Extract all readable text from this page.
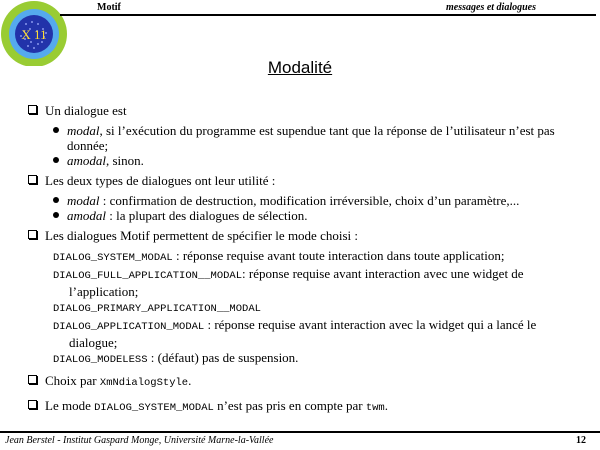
X 11
Motif	messages et dialogues
Modalité
Un dialogue est
modal, si l’exécution du programme est supendue tant que la réponse de l’utilisateur n’est pas donnée;
amodal, sinon.
Les deux types de dialogues ont leur utilité :
modal : confirmation de destruction, modification irréversible, choix d’un paramètre,...
amodal : la plupart des dialogues de sélection.
Les dialogues Motif permettent de spécifier le mode choisi :
DIALOG_SYSTEM_MODAL : réponse requise avant toute interaction dans toute application;
DIALOG_FULL_APPLICATION__MODAL: réponse requise avant interaction avec une widget de l’application;
DIALOG_PRIMARY_APPLICATION__MODAL
DIALOG_APPLICATION_MODAL : réponse requise avant interaction avec la widget qui a lancé le dialogue;
DIALOG_MODELESS : (défaut) pas de suspension.
Choix par XmNdialogStyle.
Le mode DIALOG_SYSTEM_MODAL n’est pas pris en compte par twm.
Jean Berstel - Institut Gaspard Monge, Université Marne-la-Vallée	12
